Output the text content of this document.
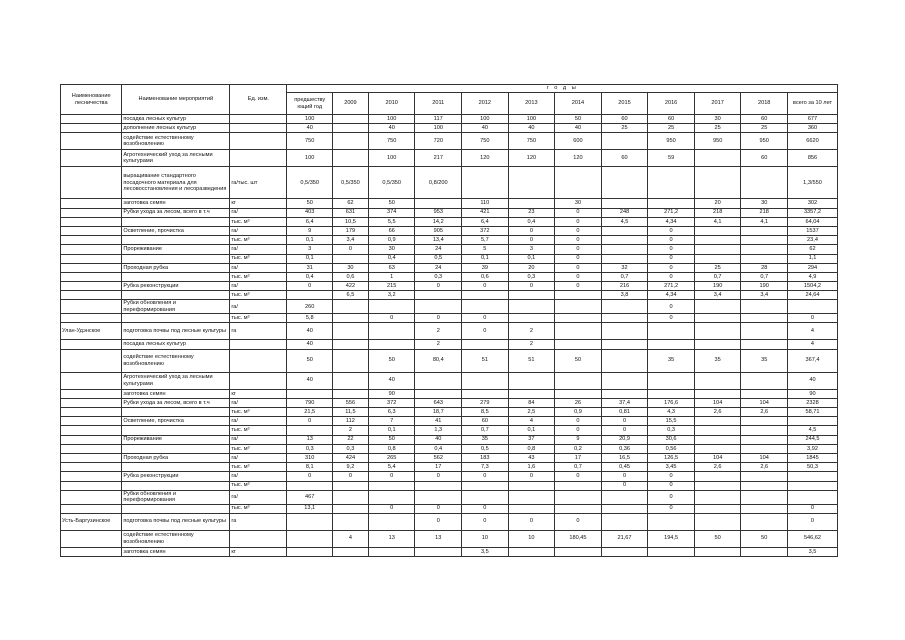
Наименование лесничества	Наименование мероприятий	Ед. изм.	г о д ы											
			предшеству ющий год	2009	2010	2011	2012	2013	2014	2015	2016	2017	2018	всего за 10 лет
	посадка лесных культур		100		100	117	100	100	50	60	60	30	60	677
	дополнение лесных культур		40		40	100	40	40	40	25	25	25	25	360
	содействие естественному возобновлению		750		750	720	750	750	600		950	950	950	6620
	Агротехнический уход за лесными культурами		100		100	217	120	120	120	60	59		60	856
	выращивание стандартного посадочного материала для лесовосстановления и лесоразведения	га/тыс. шт	0,5/350	0,5/350	0,5/350	0,8/200								1,3/550
	заготовка семян	кг	50	62	50		110		30			20	30	302
	Рубки ухода за лесом, всего в т.ч	га/	403	631	374	953	421	23	0	248	271,2	218	218	3357,2
		тыс. м³	6,4	10,5	5,5	14,2	6,4	0,4	0	4,5	4,34	4,1	4,1	64,04
	Осветление, прочистка	га/	9	179	66	905	372	0	0		0			1537
		тыс. м³	0,1	3,4	0,9	13,4	5,7	0	0		0			23,4
	Прореживание	га/	3	0	30	24	5	3	0		0			62
		тыс. м³	0,1		0,4	0,5	0,1	0,1	0		0			1,1
	Проходная рубка	га/	31	30	63	24	39	20	0	32	0	25	28	294
		тыс. м³	0,4	0,6	1	0,3	0,6	0,3	0	0,7	0	0,7	0,7	4,9
	Рубка реконструкции	га/	0	422	215	0	0	0	0	216	271,2	190	190	1504,2
		тыс. м³		6,5	3,2					3,8	4,34	3,4	3,4	24,64
	Рубки обновления и переформирования	га/	260								0			
		тыс. м³	5,8		0	0	0				0			0
Улан-Удэнское	подготовка почвы под лесные культуры	га	40			2	0	2						4
	посадка лесных культур		40			2		2						4
	содействие естественному возобновлению		50		50	80,4	51	51	50		35	35	35	367,4
	Агротехнический уход за лесными культурами		40		40									40
	заготовка семян	кг			90									90
	Рубки ухода за лесом, всего в т.ч	га/	790	556	372	643	279	84	26	37,4	176,6	104	104	2328
		тыс. м³	21,5	11,5	6,3	18,7	8,5	2,5	0,9	0,81	4,3	2,6	2,6	58,71
	Осветление, прочистка	га/	0	112	7	41	60	4	0	0	15,5			
		тыс. м³		2	0,1	1,3	0,7	0,1	0	0	0,3			4,5
	Прореживание	га/	13	22	50	40	35	37	9	20,9	30,6			244,5
		тыс. м³	0,3	0,3	0,8	0,4	0,5	0,8	0,2	0,36	0,56			3,92
	Проходная рубка	га/	310	424	265	562	183	43	17	16,5	126,5	104	104	1845
		тыс. м³	8,1	9,2	5,4	17	7,3	1,6	0,7	0,45	3,45	2,6	2,6	50,3
	Рубка реконструкции	га/	0	0	0	0	0	0	0	0	0			
		тыс. м³								0	0			
	Рубки обновления и переформирования	га/	467								0			
		тыс. м³	13,1		0	0	0				0			0
Усть-Баргузинское	подготовка почвы под лесные культуры	га				0	0	0	0					0
	содействие естественному возобновлению			4	13	13	10	10	180,45	21,67	194,5	50	50	546,62
	заготовка семян	кг					3,5							3,5
